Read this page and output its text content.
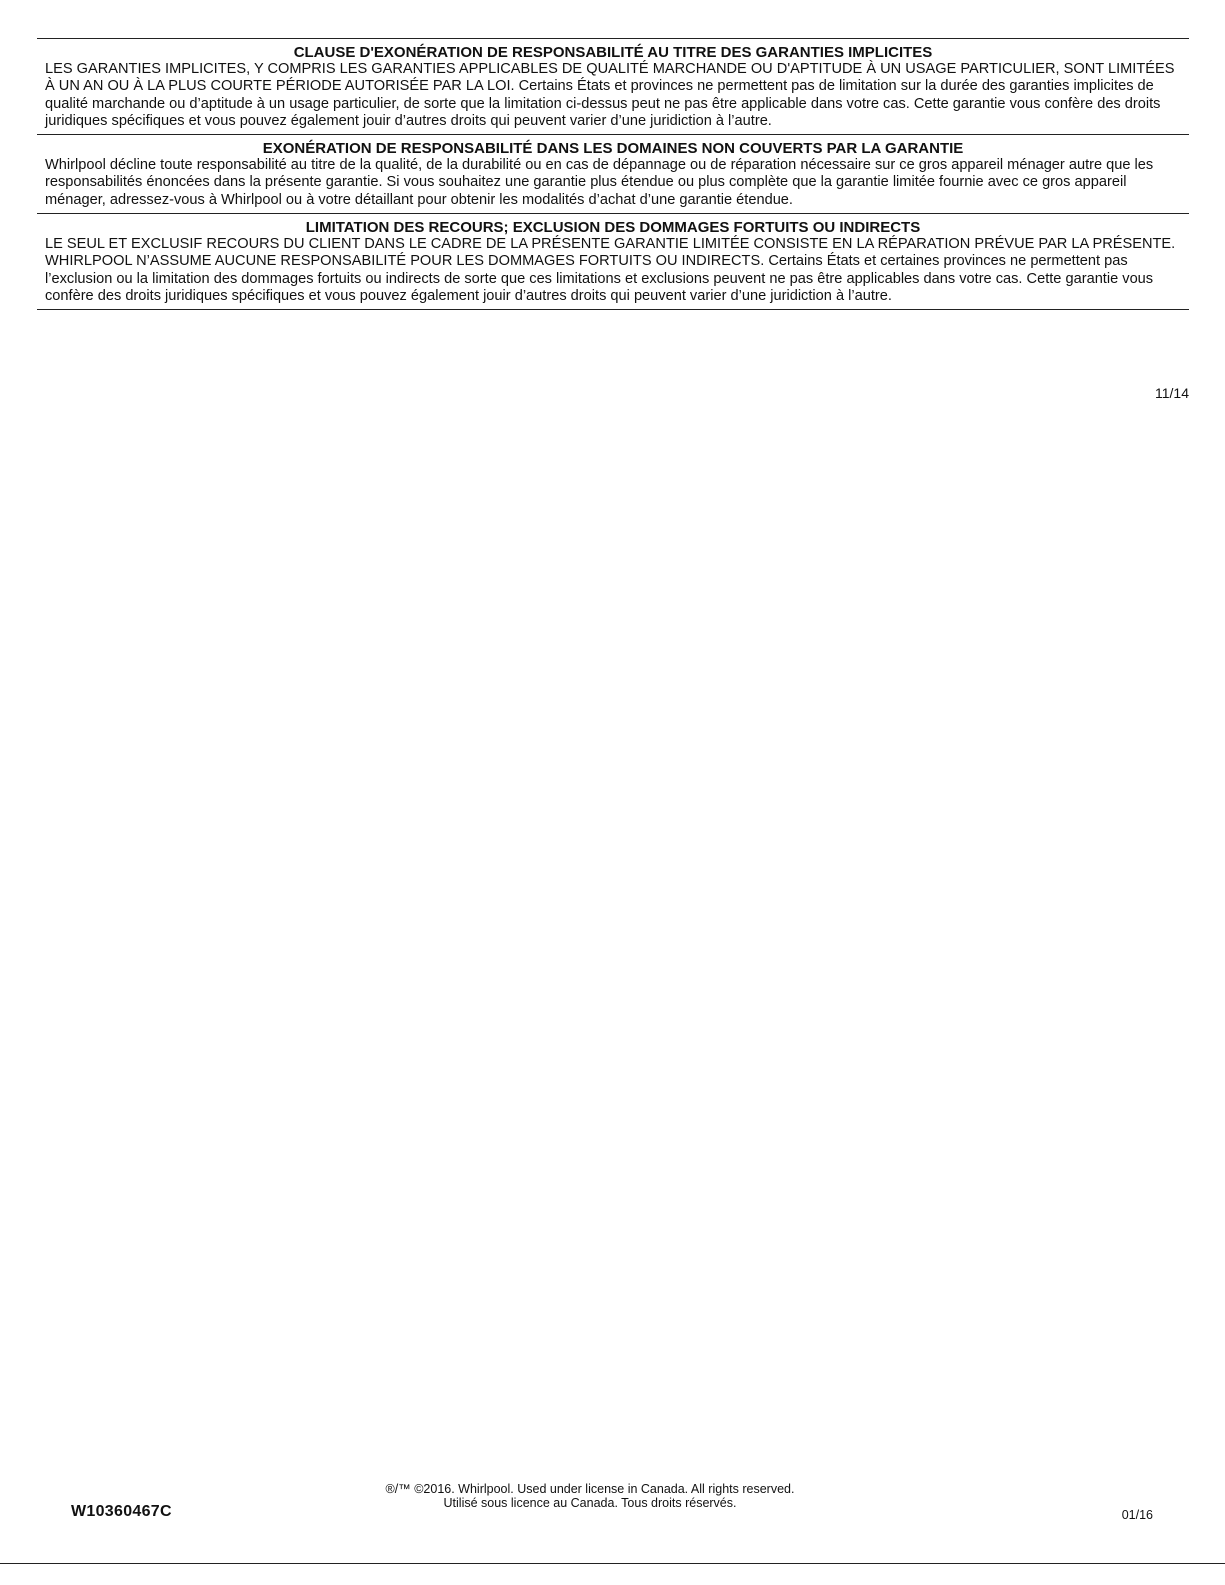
CLAUSE D'EXONÉRATION DE RESPONSABILITÉ AU TITRE DES GARANTIES IMPLICITES

LES GARANTIES IMPLICITES, Y COMPRIS LES GARANTIES APPLICABLES DE QUALITÉ MARCHANDE OU D'APTITUDE À UN USAGE PARTICULIER, SONT LIMITÉES À UN AN OU À LA PLUS COURTE PÉRIODE AUTORISÉE PAR LA LOI. Certains États et provinces ne permettent pas de limitation sur la durée des garanties implicites de qualité marchande ou d’aptitude à un usage particulier, de sorte que la limitation ci-dessus peut ne pas être applicable dans votre cas. Cette garantie vous confère des droits juridiques spécifiques et vous pouvez également jouir d’autres droits qui peuvent varier d’une juridiction à l’autre.

EXONÉRATION DE RESPONSABILITÉ DANS LES DOMAINES NON COUVERTS PAR LA GARANTIE

Whirlpool décline toute responsabilité au titre de la qualité, de la durabilité ou en cas de dépannage ou de réparation nécessaire sur ce gros appareil ménager autre que les responsabilités énoncées dans la présente garantie. Si vous souhaitez une garantie plus étendue ou plus complète que la garantie limitée fournie avec ce gros appareil ménager, adressez-vous à Whirlpool ou à votre détaillant pour obtenir les modalités d’achat d’une garantie étendue.

LIMITATION DES RECOURS; EXCLUSION DES DOMMAGES FORTUITS OU INDIRECTS

LE SEUL ET EXCLUSIF RECOURS DU CLIENT DANS LE CADRE DE LA PRÉSENTE GARANTIE LIMITÉE CONSISTE EN LA RÉPARATION PRÉVUE PAR LA PRÉSENTE. WHIRLPOOL N’ASSUME AUCUNE RESPONSABILITÉ POUR LES DOMMAGES FORTUITS OU INDIRECTS. Certains États et certaines provinces ne permettent pas l’exclusion ou la limitation des dommages fortuits ou indirects de sorte que ces limitations et exclusions peuvent ne pas être applicables dans votre cas. Cette garantie vous confère des droits juridiques spécifiques et vous pouvez également jouir d’autres droits qui peuvent varier d’une juridiction à l’autre.

11/14
W10360467C
®/™ ©2016. Whirlpool. Used under license in Canada. All rights reserved.
Utilisé sous licence au Canada. Tous droits réservés.
01/16
